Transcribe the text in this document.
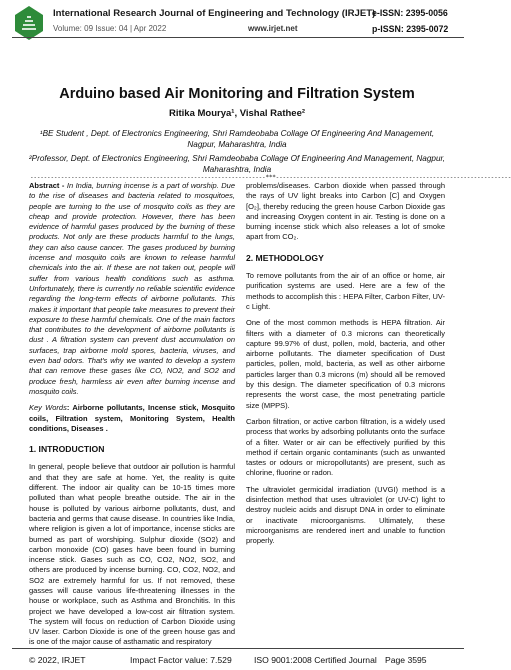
International Research Journal of Engineering and Technology (IRJET)
e-ISSN: 2395-0056
Volume: 09 Issue: 04 | Apr 2022	www.irjet.net	p-ISSN: 2395-0072
Arduino based Air Monitoring and Filtration System
Ritika Mourya¹, Vishal Rathee²
¹BE Student , Dept. of Electronics Engineering, Shri Ramdeobaba Collage Of Engineering And Management, Nagpur, Maharashtra, India
²Professor, Dept. of Electronics Engineering, Shri Ramdeobaba Collage Of Engineering And Management, Nagpur, Maharashtra, India
---------------------------------------------------------------------***---------------------------------------------------------------------

Abstract - In India, burning incense is a part of worship. Due to the rise of diseases and bacteria related to mosquitoes, people are turning to the use of mosquito coils as they are cheap and provide protection. However, there has been evidence of harmful gases produced by the burning of these products. Not only are these products harmful to the lungs, they can also cause cancer. The gases produced by burning incense and mosquito coils are known to release harmful chemicals into the air. If these are not taken out, people will suffer from various health conditions such as asthma. Unfortunately, there is currently no reliable scientific evidence regarding the long-term effects of airborne pollutants. This makes it important that people take measures to prevent their exposure to these harmful chemicals. One of the main factors that contributes to the development of airborne pollutants is dust . A filtration system can prevent dust accumulation on surfaces, trap airborne mold spores, bacteria, viruses, and even bad odors. That's why we wanted to develop a system that can remove these gases like CO, NO2, and SO2 and produce fresh, harmless air even after burning incense and mosquito coils.

Key Words: Airborne pollutants, Incense stick, Mosquito coils, Filtration system, Monitoring System, Health conditions, Diseases .

1. INTRODUCTION

In general, people believe that outdoor air pollution is harmful and that they are safe at home. Yet, the reality is quite different. The indoor air quality can be 10-15 times more polluted than what people breathe outside. The air in the house is polluted by various airborne pollutants, dust, and bacteria and germs that cause disease. In countries like India, where religion is given a lot of importance, incense sticks are burned as part of worshiping. Sulphur dioxide (SO2) and carbon monoxide (CO) gases have been found in burning incense stick. Gases such as CO, CO2, NO2, SO2, and others are produced by incense burning. CO, CO2, NO2, and SO2 are extremely harmful for us. If not removed, these gasses will cause various life-threatening illnesses in the house or workplace, such as Asthma and Bronchitis. In this project we have developed a low-cost air filtration system. The system will focus on reduction of Carbon Dioxide using UV laser. Carbon Dioxide is one of the green house gas and is one of the major cause of asthamatic and respiratory

problems/diseases. Carbon dioxide when passed through the rays of UV light breaks into Carbon [C] and Oxygen [O₂], thereby reducing the green house Carbon Dioxide gas and increasing Oxygen content in air. Testing is done on a burning incense stick which also releases a lot of smoke apart from CO₂.

2. METHODOLOGY

To remove pollutants from the air of an office or home, air purification systems are used. Here are a few of the methods to accomplish this : HEPA Filter, Carbon Filter, UV-c Light.

One of the most common methods is HEPA filtration. Air filters with a diameter of 0.3 microns can theoretically capture 99.97% of dust, pollen, mold, bacteria, and other airborne pollutants. The diameter specification of Dust particles, pollen, mold, bacteria, as well as other airborne particles larger than 0.3 microns (m) should all be removed by this design. The diameter specification of 0.3 microns represents the worst case, the most penetrating particle size (MPPS).

Carbon filtration, or active carbon filtration, is a widely used process that works by adsorbing pollutants onto the surface of a filter. Water or air can be effectively purified by this method if certain organic contaminants (such as unwanted tastes or odours or micropollutants) are present, such as chlorine, fluorine or radon.

The ultraviolet germicidal irradiation (UVGI) method is a disinfection method that uses ultraviolet (or UV-C) light to destroy nucleic acids and disrupt DNA in order to eliminate or inactivate microorganisms. Ultimately, these microorganisms are rendered inert and unable to function properly.

© 2022, IRJET	Impact Factor value: 7.529	ISO 9001:2008 Certified Journal Page 3595
